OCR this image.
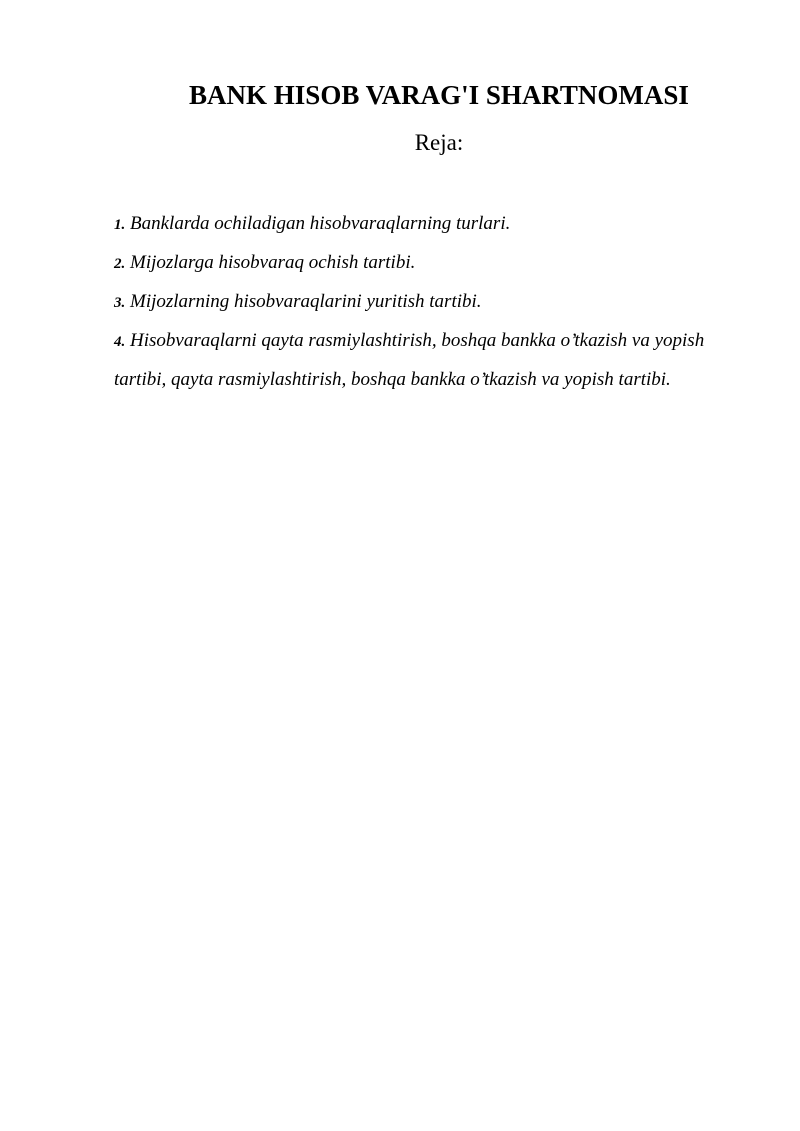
BANK HISOB VARAG'I SHARTNOMASI

Reja:

1. Banklarda ochiladigan hisobvaraqlarning turlari.
2. Mijozlarga hisobvaraq ochish tartibi.
3. Mijozlarning hisobvaraqlarini yuritish tartibi.
4. Hisobvaraqlarni qayta rasmiylashtirish, boshqa bankka o’tkazish va yopish tartibi, qayta rasmiylashtirish, boshqa bankka o’tkazish va yopish tartibi.
